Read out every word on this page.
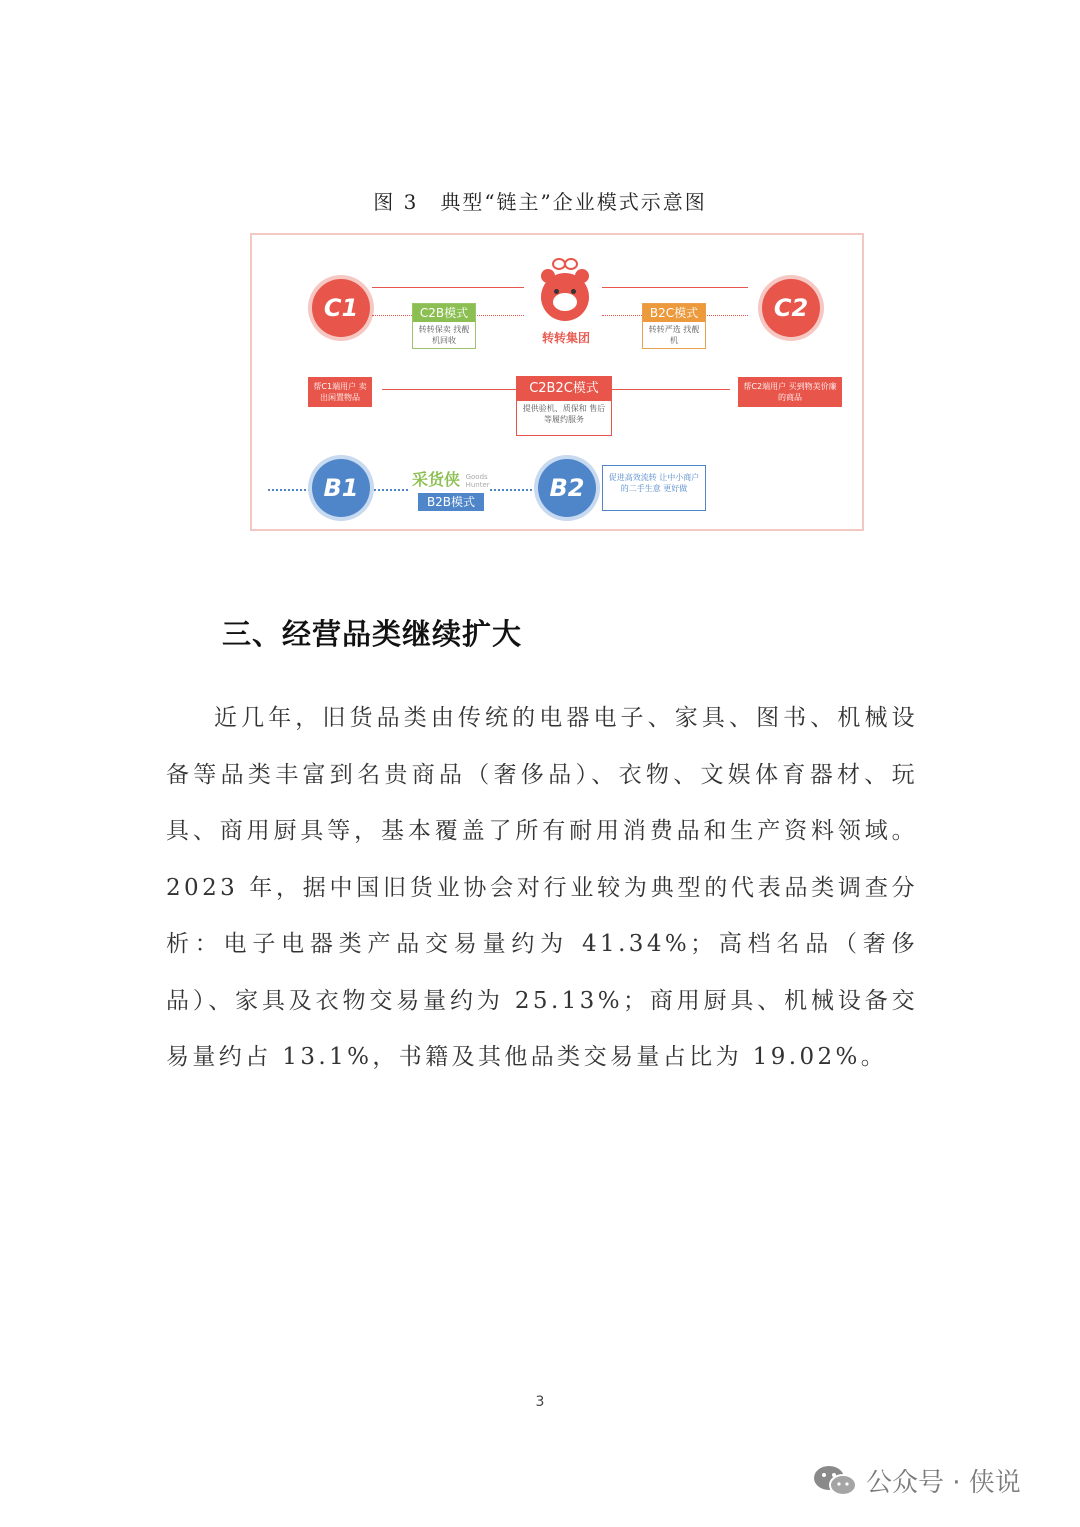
图 3　典型“链主”企业模式示意图
C1	C2B模式
转转保卖 找靓机回收	转转集团
B2C模式
转转严选 找靓机
C2
帮C1端用户 卖出闲置物品
C2B2C模式
提供验机、质保和 售后等履约服务
帮C2端用户 买到物美价廉的商品
B1	采货侠 Goods Hunter
B2B模式	B2	促进高效流转 让中小商户的二手生意 更好做
三、经营品类继续扩大

近几年，旧货品类由传统的电器电子、家具、图书、机械设备等品类丰富到名贵商品（奢侈品）、衣物、文娱体育器材、玩具、商用厨具等，基本覆盖了所有耐用消费品和生产资料领域。2023 年，据中国旧货业协会对行业较为典型的代表品类调查分析：电子电器类产品交易量约为 41.34%；高档名品（奢侈品）、家具及衣物交易量约为 25.13%；商用厨具、机械设备交易量约占 13.1%，书籍及其他品类交易量占比为 19.02%。

3
公众号 · 侠说
